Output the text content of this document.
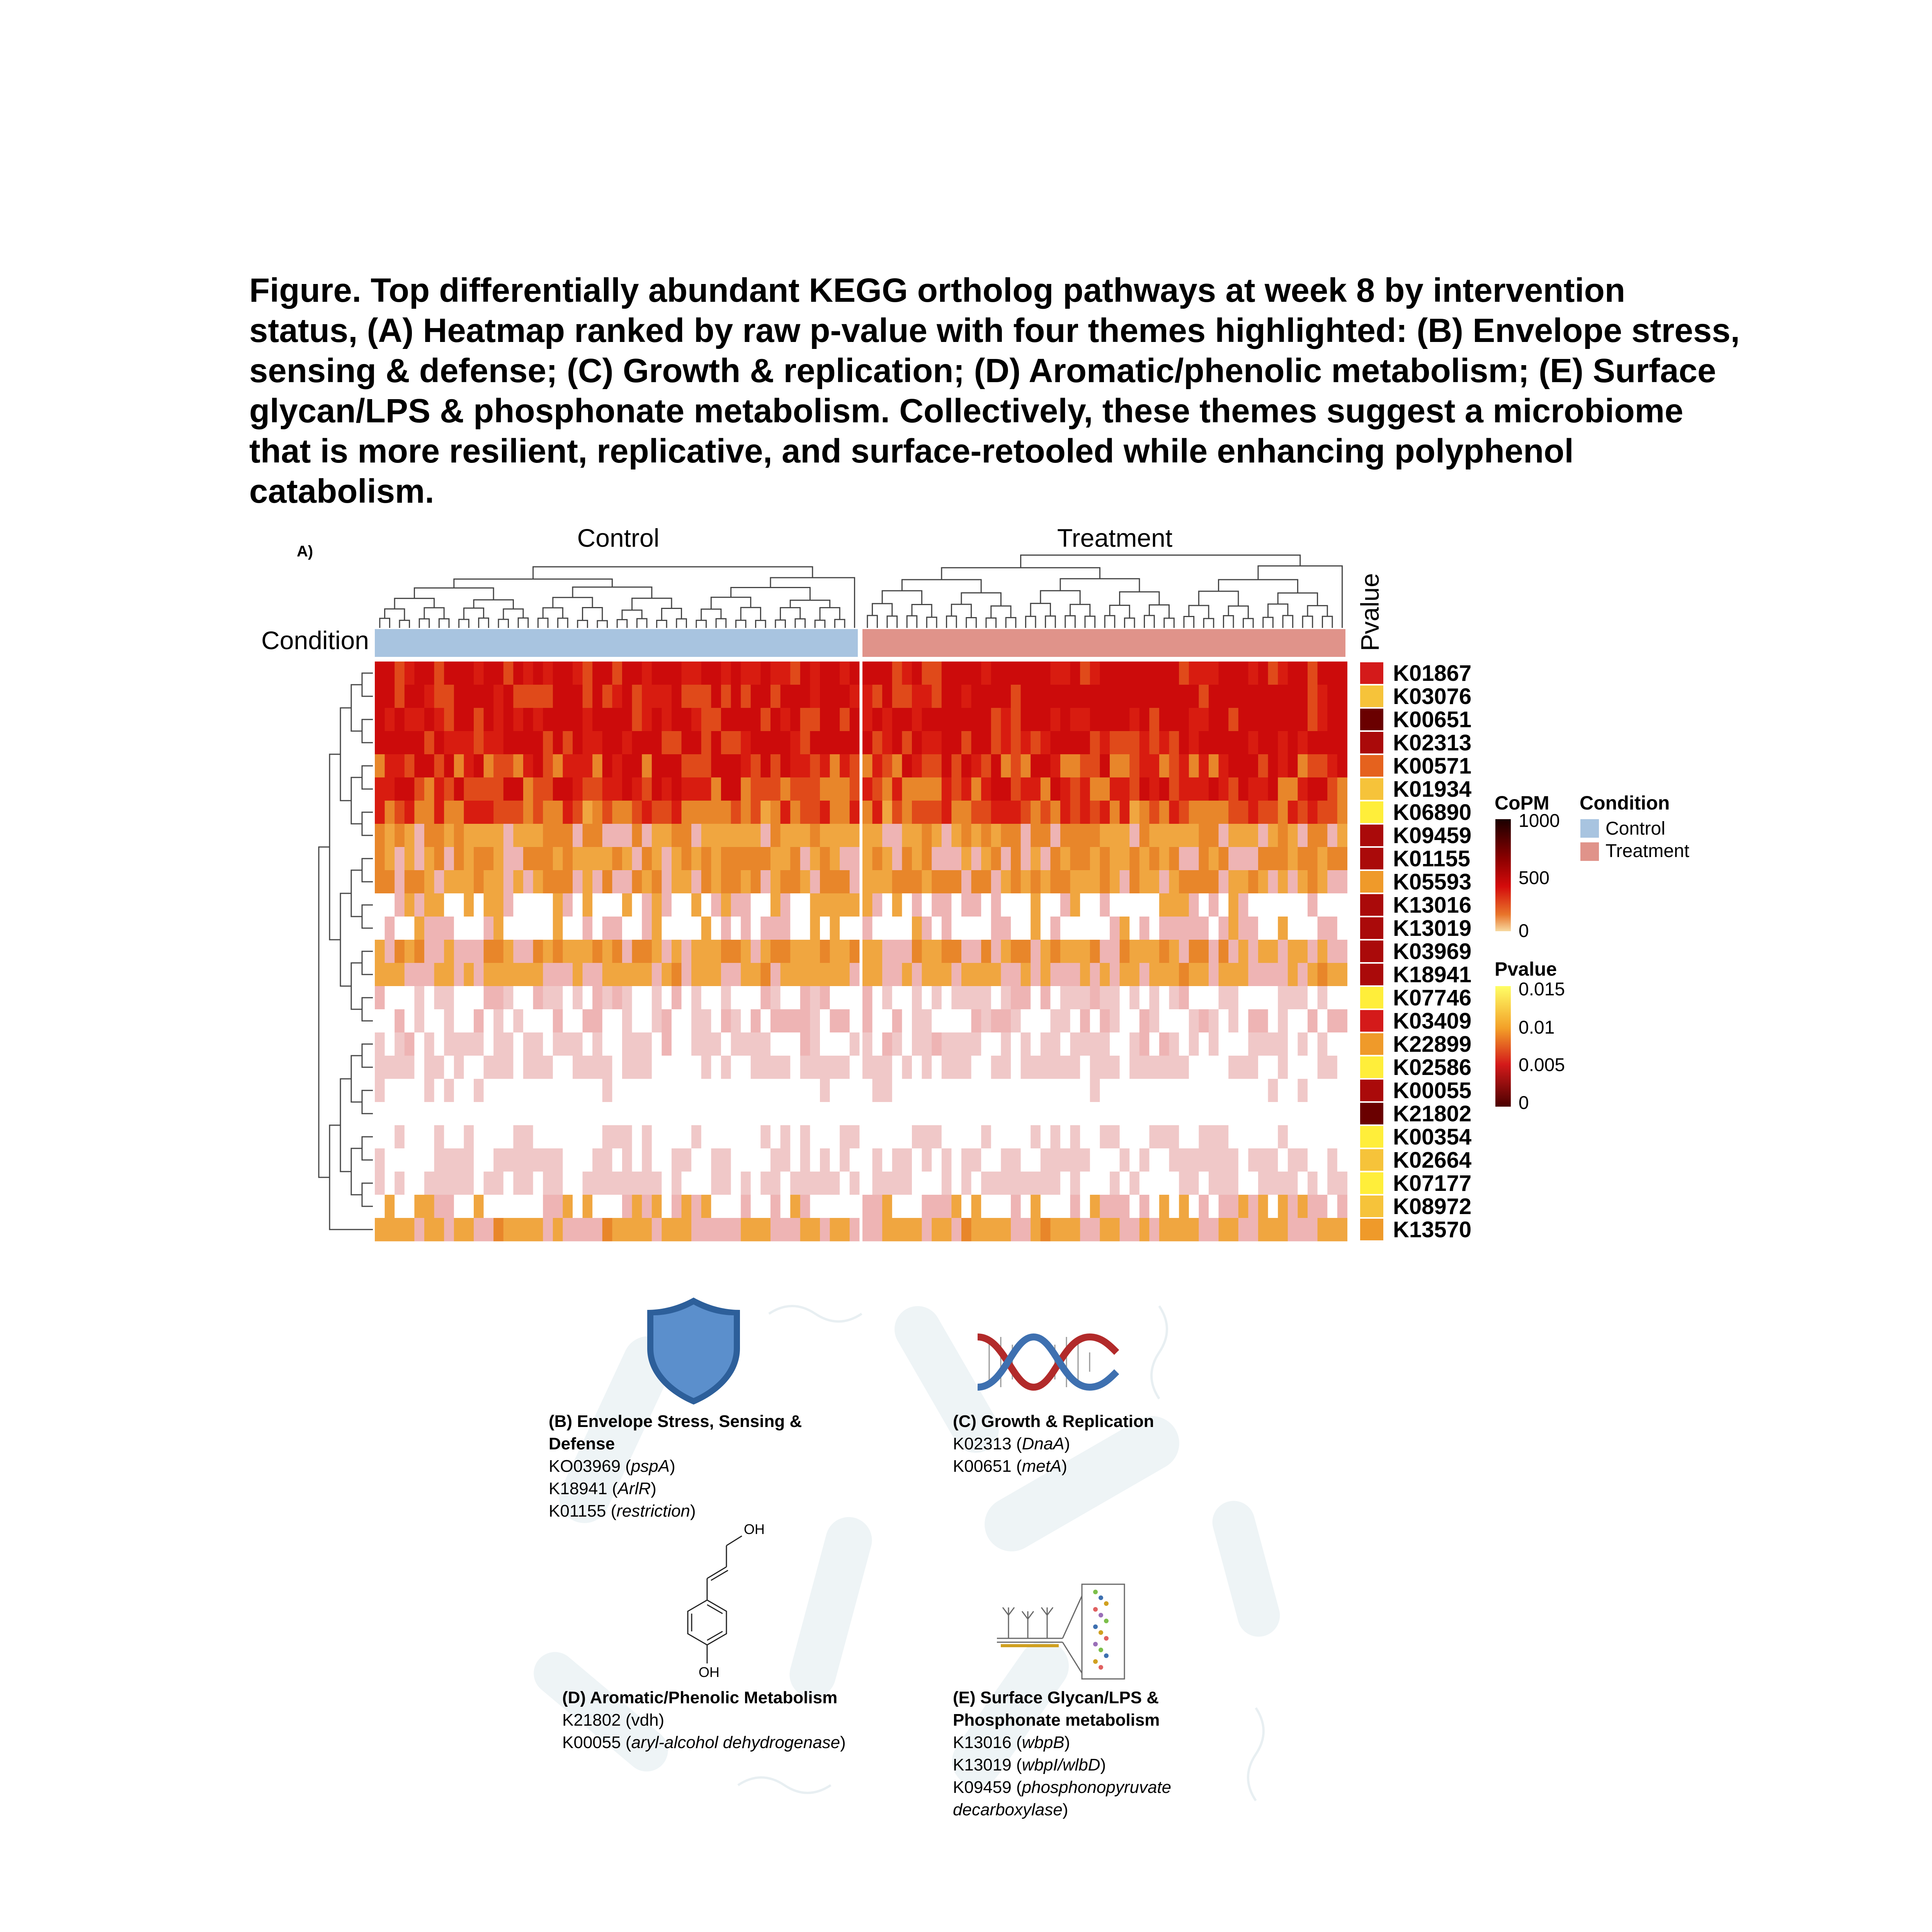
Figure. Top differentially abundant KEGG ortholog pathways at week 8 by intervention status, (A) Heatmap ranked by raw p-value with four themes highlighted: (B) Envelope stress, sensing & defense; (C) Growth & replication; (D) Aromatic/phenolic metabolism; (E) Surface glycan/LPS & phosphonate metabolism. Collectively, these themes suggest a microbiome that is more resilient, replicative, and surface-retooled while enhancing polyphenol catabolism.

A)	Control	Treatment
Condition	Pvalue
K01867
K03076
K00651
K02313
K00571
K01934
K06890
K09459
K01155
K05593
K13016
K13019
K03969
K18941
K07746
K03409
K22899
K02586
K00055
K21802
K00354
K02664
K07177
K08972
K13570
CoPM
1000
500
0
Pvalue
0.015
0.01
0.005
0
Condition
Control
Treatment
OH
OH
(B) Envelope Stress, Sensing &
Defense
KO03969 (pspA)
K18941 (ArlR)
K01155 (restriction)
(C) Growth & Replication
K02313 (DnaA)
K00651 (metA)
(D) Aromatic/Phenolic Metabolism
K21802 (vdh)
K00055 (aryl-alcohol dehydrogenase)
(E) Surface Glycan/LPS &
Phosphonate metabolism
K13016 (wbpB)
K13019 (wbpI/wlbD)
K09459 (phosphonopyruvate
decarboxylase)
